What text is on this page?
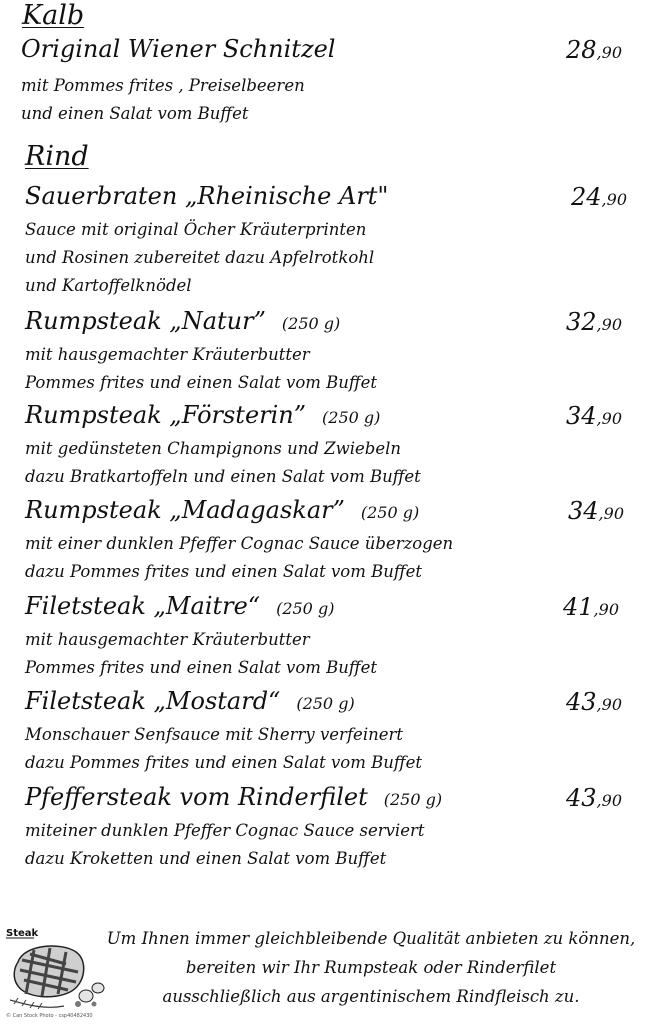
Kalb
Rind
Original Wiener Schnitzel	28,90
mit Pommes frites , Preiselbeeren
und einen Salat vom Buffet
Sauerbraten „Rheinische Art"	24,90
Sauce mit original Öcher Kräuterprinten
und Rosinen zubereitet dazu Apfelrotkohl
und Kartoffelknödel
Rumpsteak „Natur” (250 g)	32,90
mit hausgemachter Kräuterbutter
Pommes frites und einen Salat vom Buffet
Rumpsteak „Försterin” (250 g)	34,90
mit gedünsteten Champignons und Zwiebeln
dazu Bratkartoffeln und einen Salat vom Buffet
Rumpsteak „Madagaskar” (250 g)	34,90
mit einer dunklen Pfeffer Cognac Sauce überzogen
dazu Pommes frites und einen Salat vom Buffet
Filetsteak „Maitre“ (250 g)	41,90
mit hausgemachter Kräuterbutter
Pommes frites und einen Salat vom Buffet
Filetsteak „Mostard“ (250 g)	43,90
Monschauer Senfsauce mit Sherry verfeinert
dazu Pommes frites und einen Salat vom Buffet
Pfeffersteak vom Rinderfilet (250 g)	43,90
miteiner dunklen Pfeffer Cognac Sauce serviert
dazu Kroketten und einen Salat vom Buffet
Steak
© Can Stock Photo - csp40482430
Um Ihnen immer gleichbleibende Qualität anbieten zu können,
bereiten wir Ihr Rumpsteak oder Rinderfilet
ausschließlich aus argentinischem Rindfleisch zu.
